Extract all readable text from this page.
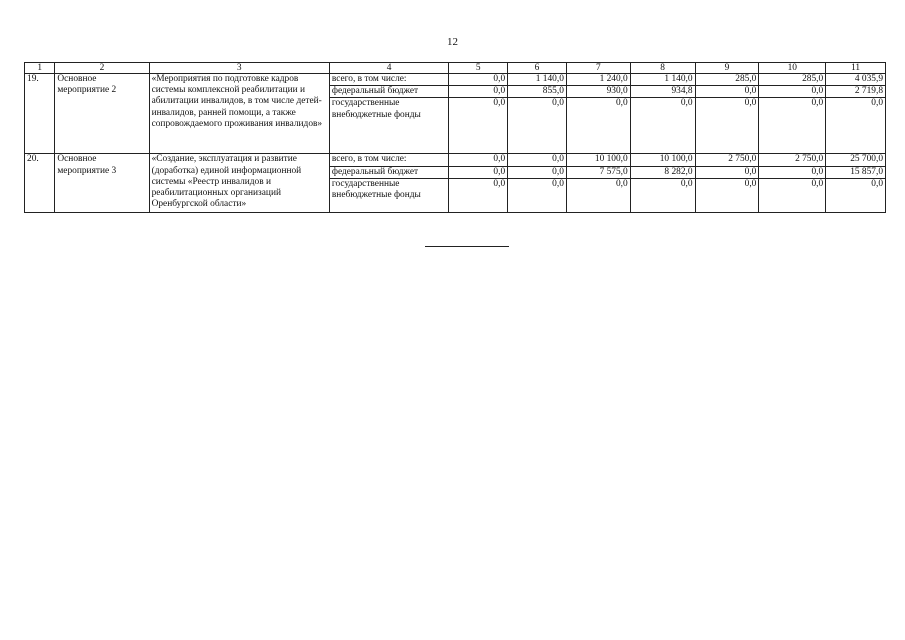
12
1	2	3	4	5	6	7	8	9	10	11
19.	Основное мероприятие 2	«Мероприятия по подготовке кадров системы комплексной реабилитации и абилитации инвалидов, в том числе детей-инвалидов, ранней помощи, а также сопровождаемого проживания инвалидов»	всего, в том числе:	0,0	1 140,0	1 240,0	1 140,0	285,0	285,0	4 035,9
			федеральный бюджет	0,0	855,0	930,0	934,8	0,0	0,0	2 719,8
			государственные внебюджетные фонды	0,0	0,0	0,0	0,0	0,0	0,0	0,0
20.	Основное мероприятие 3	«Создание, эксплуатация и развитие (доработка) единой информационной системы «Реестр инвалидов и реабилитационных организаций Оренбургской области»	всего, в том числе:	0,0	0,0	10 100,0	10 100,0	2 750,0	2 750,0	25 700,0
			федеральный бюджет	0,0	0,0	7 575,0	8 282,0	0,0	0,0	15 857,0
			государственные внебюджетные фонды	0,0	0,0	0,0	0,0	0,0	0,0	0,0
